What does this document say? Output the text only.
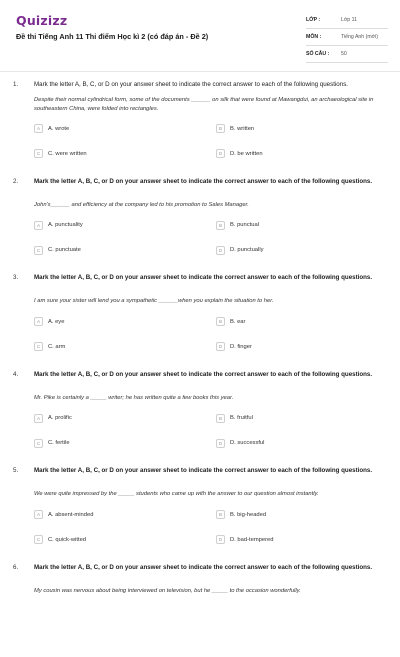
Quizizz
Đề thi Tiếng Anh 11 Thi điểm Học kì 2 (có đáp án - Đề 2)
LỚP :	Lớp 11
MÔN :	Tiếng Anh (mới)
SỐ CÂU :	50
1.	Mark the letter A, B, C, or D on your answer sheet to indicate the correct answer to each of the following questions.
Despite their normal cylindrical form, some of the documents ______ on silk that were found at Mawangdui, an archaeological site in southeastern China, were folded into rectangles.
A	A. wrote	B	B. written
C	C. were written	D	D. be written
2.	Mark the letter A, B, C, or D on your answer sheet to indicate the correct answer to each of the following questions.
John's______ and efficiency at the company led to his promotion to Sales Manager.
A	A. punctuality	B	B. punctual
C	C. punctuate	D	D. punctually
3.	Mark the letter A, B, C, or D on your answer sheet to indicate the correct answer to each of the following questions.
I am sure your sister will lend you a sympathetic ______when you explain the situation to her.
A	A. eye	B	B. ear
C	C. arm	D	D. finger
4.	Mark the letter A, B, C, or D on your answer sheet to indicate the correct answer to each of the following questions.
Mr. Pike is certainly a _____ writer; he has written quite a few books this year.
A	A. prolific	B	B. fruitful
C	C. fertile	D	D. successful
5.	Mark the letter A, B, C, or D on your answer sheet to indicate the correct answer to each of the following questions.
We were quite impressed by the _____ students who came up with the answer to our question almost instantly.
A	A. absent-minded	B	B. big-headed
C	C. quick-witted	D	D. bad-tempered
6.	Mark the letter A, B, C, or D on your answer sheet to indicate the correct answer to each of the following questions.
My cousin was nervous about being interviewed on television, but he _____ to the occasion wonderfully.
